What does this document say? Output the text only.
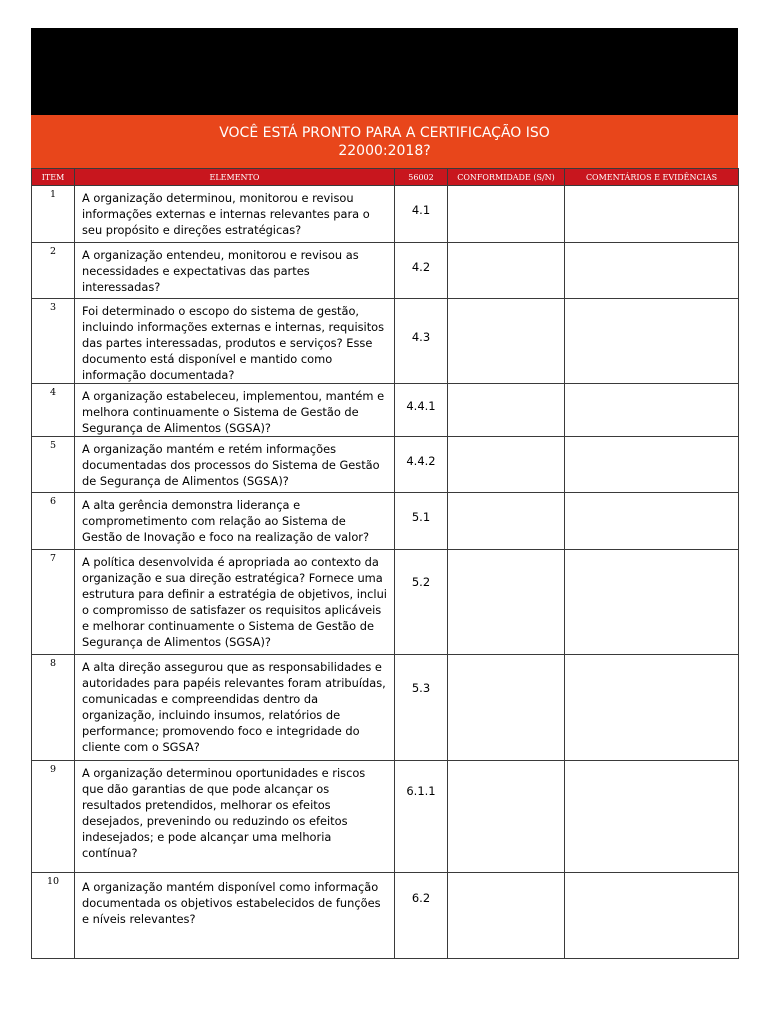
VOCÊ ESTÁ PRONTO PARA A CERTIFICAÇÃO ISO
22000:2018?
ITEM	ELEMENTO	56002	CONFORMIDADE (S/N)	COMENTÁRIOS E EVIDÊNCIAS
1	A organização determinou, monitorou e revisou informações externas e internas relevantes para o seu propósito e direções estratégicas?	4.1		
2	A organização entendeu, monitorou e revisou as necessidades e expectativas das partes interessadas?	4.2		
3	Foi determinado o escopo do sistema de gestão, incluindo informações externas e internas, requisitos das partes interessadas, produtos e serviços? Esse documento está disponível e mantido como informação documentada?	4.3		
4	A organização estabeleceu, implementou, mantém e melhora continuamente o Sistema de Gestão de Segurança de Alimentos (SGSA)?	4.4.1		
5	A organização mantém e retém informações documentadas dos processos do Sistema de Gestão de Segurança de Alimentos (SGSA)?	4.4.2		
6	A alta gerência demonstra liderança e comprometimento com relação ao Sistema de Gestão de Inovação e foco na realização de valor?	5.1		
7	A política desenvolvida é apropriada ao contexto da organização e sua direção estratégica? Fornece uma estrutura para definir a estratégia de objetivos, inclui o compromisso de satisfazer os requisitos aplicáveis e melhorar continuamente o Sistema de Gestão de Segurança de Alimentos (SGSA)?	5.2		
8	A alta direção assegurou que as responsabilidades e autoridades para papéis relevantes foram atribuídas, comunicadas e compreendidas dentro da organização, incluindo insumos, relatórios de performance; promovendo foco e integridade do cliente com o SGSA?	5.3		
9	A organização determinou oportunidades e riscos que dão garantias de que pode alcançar os resultados pretendidos, melhorar os efeitos desejados, prevenindo ou reduzindo os efeitos indesejados; e pode alcançar uma melhoria contínua?	6.1.1		
10	A organização mantém disponível como informação documentada os objetivos estabelecidos de funções e níveis relevantes?	6.2		
